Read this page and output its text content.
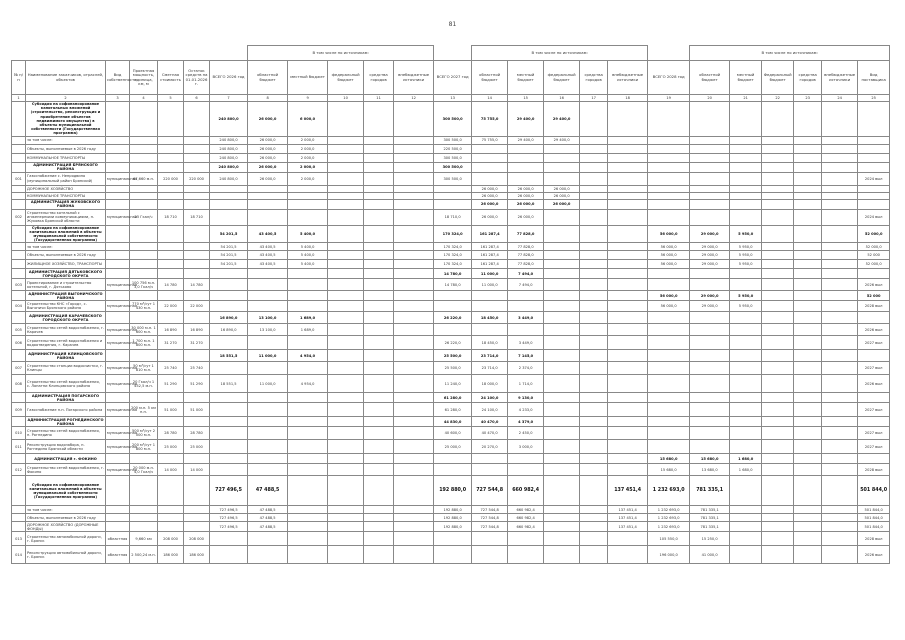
81
							В том числе по источникам:						В том числе по источникам:						В том числе по источникам:					
№ п/п	Наименование заказчиков, отраслей, объектов	Вид собственности	Проектная мощность, единица, км, м	Сметная стоимость	Остаток средств на 01.01.2026 г.	ВСЕГО 2026 год	областной бюджет	местный бюджет	федеральный бюджет	средства городов	внебюджетные источники	ВСЕГО 2027 год	областной бюджет	местный бюджет	федеральный бюджет	средства городов	внебюджетные источники	ВСЕГО 2028 год	областной бюджет	местный бюджет	Федеральный бюджет	средства городов	внебюджетные источники	Вид поставщика
1	2	3	4	5	6	7	8	9	10	11	12	13	14	15	16	17	18	19	20	21	22	23	24	25
	Субсидия на софинансирование капитальных вложений (строительство, реконструкция и приобретение объектов недвижимого имущества) в объекты муниципальной собственности (Государственная программа)					240 800,0	26 000,0	6 000,0				300 500,0	75 755,0	29 400,0	29 400,0									
	за том числе:					240 800,0	26 000,0	2 000,0				300 500,0	75 755,0	29 400,0	29 400,0									
	Объекты, выполняемые в 2026 году					240 800,0	26 000,0	2 000,0				220 500,0												
	КОММУНАЛЬНОЕ ТРАНСПОРТЫ					240 800,0	26 000,0	2 000,0				300 500,0												
	АДМИНИСТРАЦИЯ БРЯНСКОГО РАЙОНА					240 800,0	26 000,0	2 000,0				300 500,0												
001	Газоснабжение с. Непрядвино (муниципальный район Брянский)	муниципальная	67,660 м.п.	220 000	220 000	240 800,0	26 000,0	2 000,0				300 500,0												2024 выл
	ДОРОЖНОЕ ХОЗЯЙСТВО												26 000,0	26 000,0	26 000,0									
	КОММУНАЛЬНОЕ ТРАНСПОРТЫ												26 000,0	26 000,0	26 000,0									
	АДМИНИСТРАЦИЯ ЖУКОВСКОГО РАЙОНА												26 000,0	26 000,0	26 000,0									
002	Строительство котельной с инженерными коммуникациями, п. Жуковка Брянской области	муниципальная	25 Гкал/ч	18 710	18 710							18 710,0	26 000,0	26 000,0										2024 выл
	Субсидия на софинансирование капитальных вложений в объекты муниципальной собственности (Государственная программа)					54 201,5	43 400,5	5 400,0				170 324,0	161 287,4	77 828,0				56 000,0	29 000,0	5 950,0				52 000,0
	за том числе:					54 201,5	43 400,5	5 400,0				170 324,0	161 287,4	77 828,0				56 000,0	29 000,0	5 950,0				52 000,0
	Объекты, выполняемые в 2026 году					54 201,5	43 400,5	5 400,0				170 324,0	161 287,4	77 828,0				56 000,0	29 000,0	5 950,0				52 000
	ЖИЛИЩНОЕ ХОЗЯЙСТВО, ТРАНСПОРТЫ					54 201,5	43 400,5	5 400,0				170 324,0	161 287,4	77 828,0				56 000,0	29 000,0	5 950,0				52 000,0
	АДМИНИСТРАЦИЯ ДЯТЬКОВСКОГО ГОРОДСКОГО ОКРУГА											14 780,0	11 000,0	7 494,0										
003	Проектирование и строительство котельной, г. Дятьково	муниципальная	100 756 м.п. 3,0 Гкал/ч	14 780	14 780							14 780,0	11 000,0	7 494,0										2026 выл
	АДМИНИСТРАЦИЯ ВЫГОНИЧСКОГО РАЙОНА																	56 000,0	29 000,0	5 950,0				52 000
004	Строительство КНС «Город», с. Выгоничи Брянского района	муниципальная	770 м³/сут 1 430 м.п.	22 000	22 000													56 000,0	29 000,0	5 950,0				2028 выл
	АДМИНИСТРАЦИЯ КАРАЧЕВСКОГО ГОРОДСКОГО ОКРУГА					16 890,0	13 100,0	1 689,0				26 220,0	18 450,0	3 449,0										
005	Строительство сетей водоснабжения, г. Карачев	муниципальная	30 000 м.п. 1 600 м.п.	16 890	16 890	16 890,0	13 100,0	1 689,0																2026 выл
006	Строительство сетей водоснабжения и водоотведения, г. Карачев	муниципальная	1 700 м.п. 1 800 м.п.	31 270	31 270							26 220,0	18 450,0	3 449,0										2027 выл
	АДМИНИСТРАЦИЯ КЛИНЦОВСКОГО РАЙОНА					18 551,5	11 000,0	4 954,0				25 500,0	23 714,0	7 145,0										
007	Строительство станции водоочистки, г. Клинцы	муниципальная	50 м³/сут 1 810 м.п.	25 740	25 740							25 500,0	23 714,0	2 374,0										2027 выл
008	Строительство сетей водоснабжения, с. Лопатни Клинцовского района	муниципальная	20 Гкал/ч 1 452,5 м.п.	51 290	51 290	18 551,5	11 000,0	4 954,0				11 240,0	18 000,0	1 714,0										2026 выл
	АДМИНИСТРАЦИЯ ПОГАРСКОГО РАЙОНА											61 280,0	24 100,0	9 130,0										
009	Газоснабжение н.п. Погарского района	муниципальная	200 м.п. 5 км п.п.	51 000	51 000							61 280,0	24 100,0	4 233,0										2027 выл
	АДМИНИСТРАЦИЯ РОГНЕДИНСКОГО РАЙОНА											44 830,0	40 470,0	4 379,0										
010	Строительство сетей водоснабжения, п. Рогнедино	муниципальная	500 м³/сут 2 000 м.п.	28 780	28 780							40 600,0	40 470,0	2 450,0										2027 выл
011	Реконструкция водозабора, п. Рогнедино Брянской области	муниципальная	200 м³/сут 1 800 м.п.	25 000	25 000							25 000,0	20 270,0	3 000,0										2027 выл
	АДМИНИСТРАЦИЯ г. ФОКИНО																	15 680,0	15 680,0	1 680,0				
012	Строительство сетей водоснабжения, г. Фокино	муниципальная	20 000 м.п. 4,0 Гкал/ч	14 000	14 000													15 680,0	13 680,0	1 680,0				2028 выл
	Субсидия на софинансирование капитальных вложений в объекты муниципальной собственности (Государственная программа)					727 496,5	47 488,5					192 880,0	727 544,8	660 982,4			137 451,4	1 232 693,0	781 335,1					501 844,0
	за том числе:					727 496,5	47 488,5					192 880,0	727 544,8	660 982,4			137 451,4	1 232 693,0	781 335,1					501 844,0
	Объекты, выполняемые в 2026 году					727 496,5	47 488,5					192 880,0	727 544,8	660 982,4			137 451,4	1 232 693,0	781 335,1					501 844,0
	ДОРОЖНОЕ ХОЗЯЙСТВО (ДОРОЖНЫЕ ФОНДЫ)					727 496,5	47 488,5					192 880,0	727 544,8	660 982,4			137 451,4	1 232 693,0	781 335,1					501 844,0
013	Строительство автомобильной дороги, г. Брянск	областная	9,660 км	208 000	208 000													105 550,0	15 250,0					2028 выл
014	Реконструкция автомобильной дороги, г. Брянск	областная	2 500,24 м.п.	186 000	186 000													196 000,0	41 000,0					2026 выл
